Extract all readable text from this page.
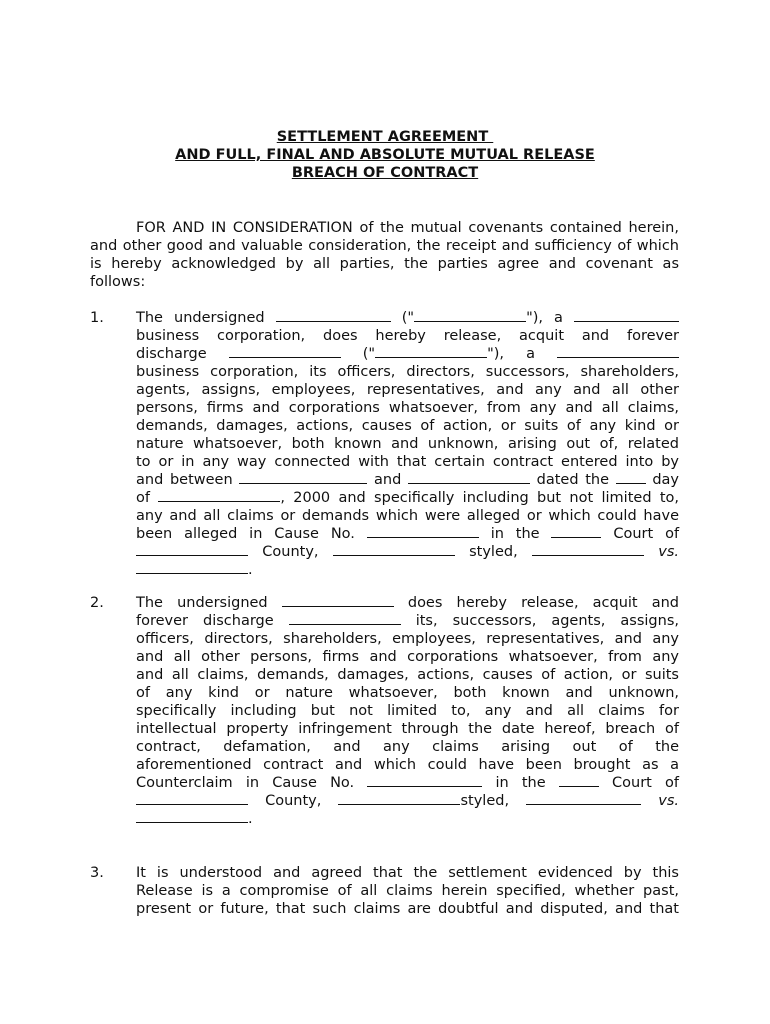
SETTLEMENT AGREEMENT
AND FULL, FINAL AND ABSOLUTE MUTUAL RELEASE
BREACH OF CONTRACT
FOR AND IN CONSIDERATION of the mutual covenants contained herein, and other good and valuable consideration, the receipt and sufficiency of which is hereby acknowledged by all parties, the parties agree and covenant as follows:
1. The undersigned	("	"), a
business corporation, does hereby release, acquit and forever
discharge	("	"), a
business corporation, its officers, directors, successors, shareholders,
agents, assigns, employees, representatives, and any and all other
persons, firms and corporations whatsoever, from any and all claims,
demands, damages, actions, causes of action, or suits of any kind or
nature whatsoever, both known and unknown, arising out of, related
to or in any way connected with that certain contract entered into by
and between	and	dated the	day
of	, 2000 and specifically including but not limited to,
any and all claims or demands which were alleged or which could have
been alleged in Cause No.	in the	Court of
County,	styled,	vs.
.
2. The undersigned	does hereby release, acquit and
forever discharge	its, successors, agents, assigns,
officers, directors, shareholders, employees, representatives, and any
and all other persons, firms and corporations whatsoever, from any
and all claims, demands, damages, actions, causes of action, or suits
of any kind or nature whatsoever, both known and unknown,
specifically including but not limited to, any and all claims for
intellectual property infringement through the date hereof, breach of
contract, defamation, and any claims arising out of the
aforementioned contract and which could have been brought as a
Counterclaim in Cause No.	in the	Court of
County,	styled,	vs.
.
3. It is understood and agreed that the settlement evidenced by this
Release is a compromise of all claims herein specified, whether past,
present or future, that such claims are doubtful and disputed, and that
